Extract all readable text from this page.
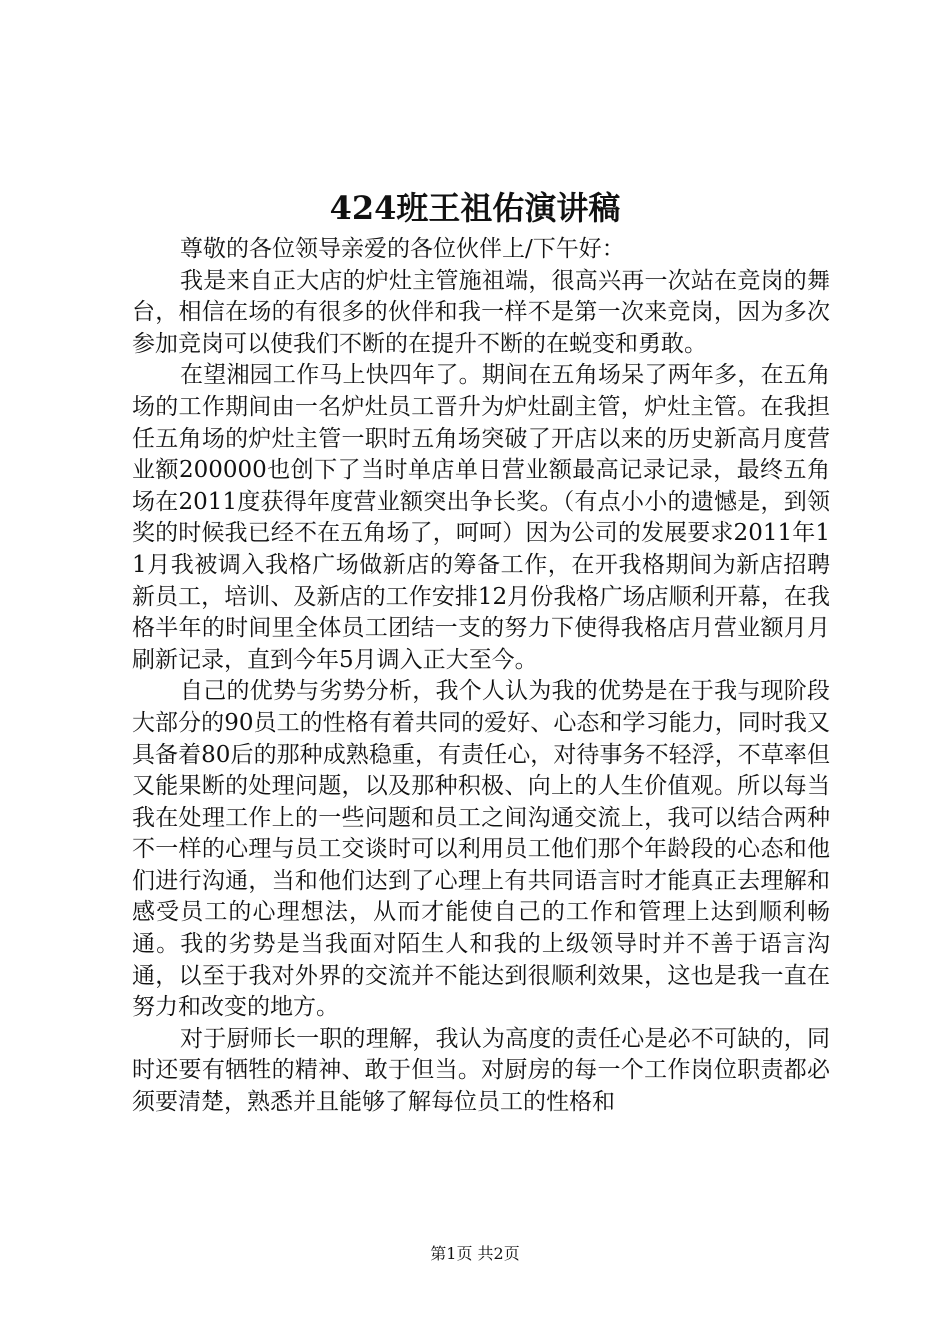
424班王祖佑演讲稿

尊敬的各位领导亲爱的各位伙伴上/下午好：

我是来自正大店的炉灶主管施祖端，很高兴再一次站在竞岗的舞台，相信在场的有很多的伙伴和我一样不是第一次来竞岗，因为多次参加竞岗可以使我们不断的在提升不断的在蜕变和勇敢。

在望湘园工作马上快四年了。期间在五角场呆了两年多，在五角场的工作期间由一名炉灶员工晋升为炉灶副主管，炉灶主管。在我担任五角场的炉灶主管一职时五角场突破了开店以来的历史新高月度营业额200000也创下了当时单店单日营业额最高记录记录，最终五角场在2011度获得年度营业额突出争长奖。（有点小小的遗憾是，到领奖的时候我已经不在五角场了，呵呵）因为公司的发展要求2011年11月我被调入我格广场做新店的筹备工作，在开我格期间为新店招聘新员工，培训、及新店的工作安排12月份我格广场店顺利开幕，在我格半年的时间里全体员工团结一支的努力下使得我格店月营业额月月刷新记录，直到今年5月调入正大至今。

自己的优势与劣势分析，我个人认为我的优势是在于我与现阶段大部分的90员工的性格有着共同的爱好、心态和学习能力，同时我又具备着80后的那种成熟稳重，有责任心，对待事务不轻浮，不草率但又能果断的处理问题，以及那种积极、向上的人生价值观。所以每当我在处理工作上的一些问题和员工之间沟通交流上，我可以结合两种不一样的心理与员工交谈时可以利用员工他们那个年龄段的心态和他们进行沟通，当和他们达到了心理上有共同语言时才能真正去理解和感受员工的心理想法，从而才能使自己的工作和管理上达到顺利畅通。我的劣势是当我面对陌生人和我的上级领导时并不善于语言沟通，以至于我对外界的交流并不能达到很顺利效果，这也是我一直在努力和改变的地方。

对于厨师长一职的理解，我认为高度的责任心是必不可缺的，同时还要有牺牲的精神、敢于但当。对厨房的每一个工作岗位职责都必须要清楚，熟悉并且能够了解每位员工的性格和

第1页 共2页
